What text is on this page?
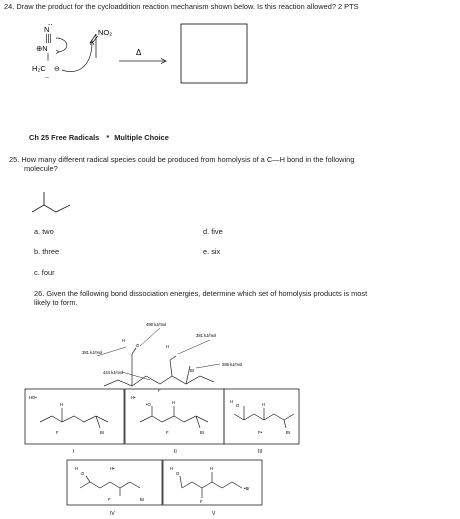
24. Draw the product for the cycloaddition reaction mechanism shown below. Is this reaction allowed? 2 PTS
N
‥
⊕N
H₂C ⊖
‥
NO₂
Δ
Ch 25 Free Radicals * Multiple Choice
25. How many different radical species could be produced from homolysis of a C—H bond in the following
molecule?
a. two
b. three
c. four
d. five
e. six
26. Given the following bond dissociation energies, determine which set of homolysis products is most
likely to form.
H
O	H
F
Br
498 kJ/mol
381 kJ/mol
381 kJ/mol
285 kJ/mol
444 kJ/mol
HO•
H
F	Br
H•
•O	H
F	Br
H
O	H
F•	Br
I	II	III
H
O
H•
F	Br
H
O
H
F
•Br
IV	V
